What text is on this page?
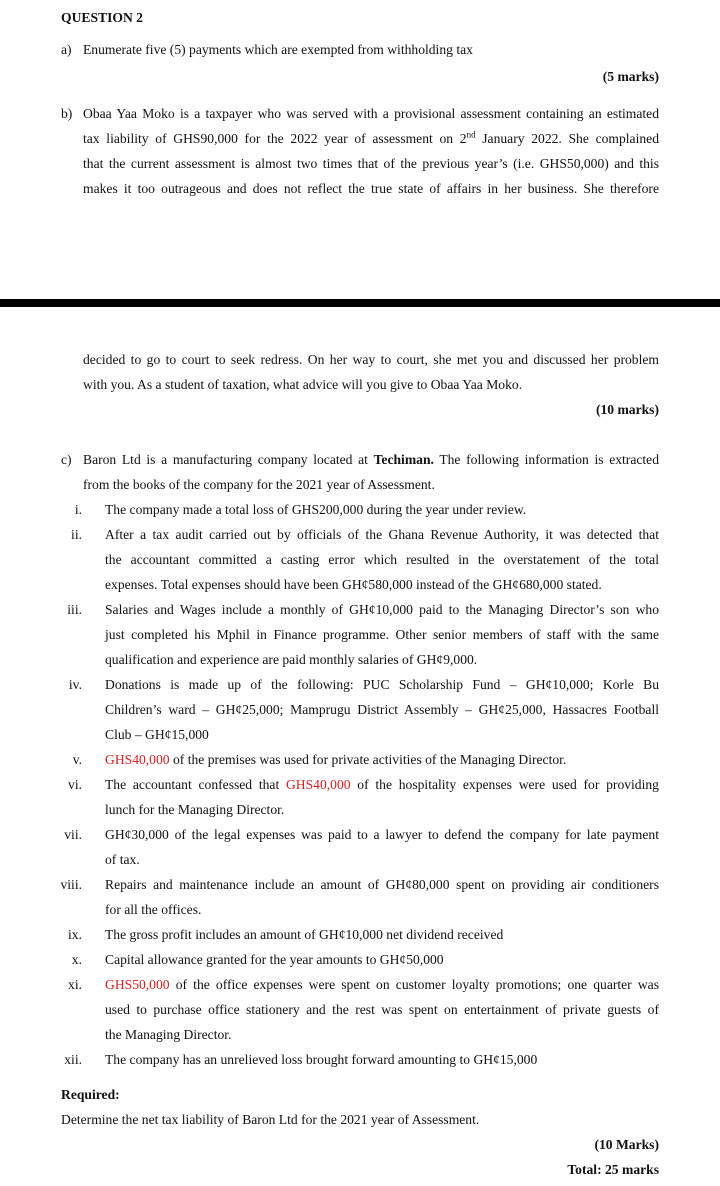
QUESTION 2
a) Enumerate five (5) payments which are exempted from withholding tax
(5 marks)
b) Obaa Yaa Moko is a taxpayer who was served with a provisional assessment containing an estimated
tax liability of GHS90,000 for the 2022 year of assessment on 2nd January 2022. She complained
that the current assessment is almost two times that of the previous year’s (i.e. GHS50,000) and this
makes it too outrageous and does not reflect the true state of affairs in her business. She therefore
decided to go to court to seek redress. On her way to court, she met you and discussed her problem
with you. As a student of taxation, what advice will you give to Obaa Yaa Moko.
(10 marks)
c) Baron Ltd is a manufacturing company located at Techiman. The following information is extracted
from the books of the company for the 2021 year of Assessment.
i. The company made a total loss of GHS200,000 during the year under review.
ii. After a tax audit carried out by officials of the Ghana Revenue Authority, it was detected that
the accountant committed a casting error which resulted in the overstatement of the total
expenses. Total expenses should have been GH¢580,000 instead of the GH¢680,000 stated.
iii. Salaries and Wages include a monthly of GH¢10,000 paid to the Managing Director’s son who
just completed his Mphil in Finance programme. Other senior members of staff with the same
qualification and experience are paid monthly salaries of GH¢9,000.
iv. Donations is made up of the following: PUC Scholarship Fund – GH¢10,000; Korle Bu
Children’s ward – GH¢25,000; Mamprugu District Assembly – GH¢25,000, Hassacres Football
Club – GH¢15,000
v. GHS40,000 of the premises was used for private activities of the Managing Director.
vi. The accountant confessed that GHS40,000 of the hospitality expenses were used for providing
lunch for the Managing Director.
vii. GH¢30,000 of the legal expenses was paid to a lawyer to defend the company for late payment
of tax.
viii. Repairs and maintenance include an amount of GH¢80,000 spent on providing air conditioners
for all the offices.
ix. The gross profit includes an amount of GH¢10,000 net dividend received
x. Capital allowance granted for the year amounts to GH¢50,000
xi. GHS50,000 of the office expenses were spent on customer loyalty promotions; one quarter was
used to purchase office stationery and the rest was spent on entertainment of private guests of
the Managing Director.
xii. The company has an unrelieved loss brought forward amounting to GH¢15,000
Required:
Determine the net tax liability of Baron Ltd for the 2021 year of Assessment.
(10 Marks)
Total: 25 marks
